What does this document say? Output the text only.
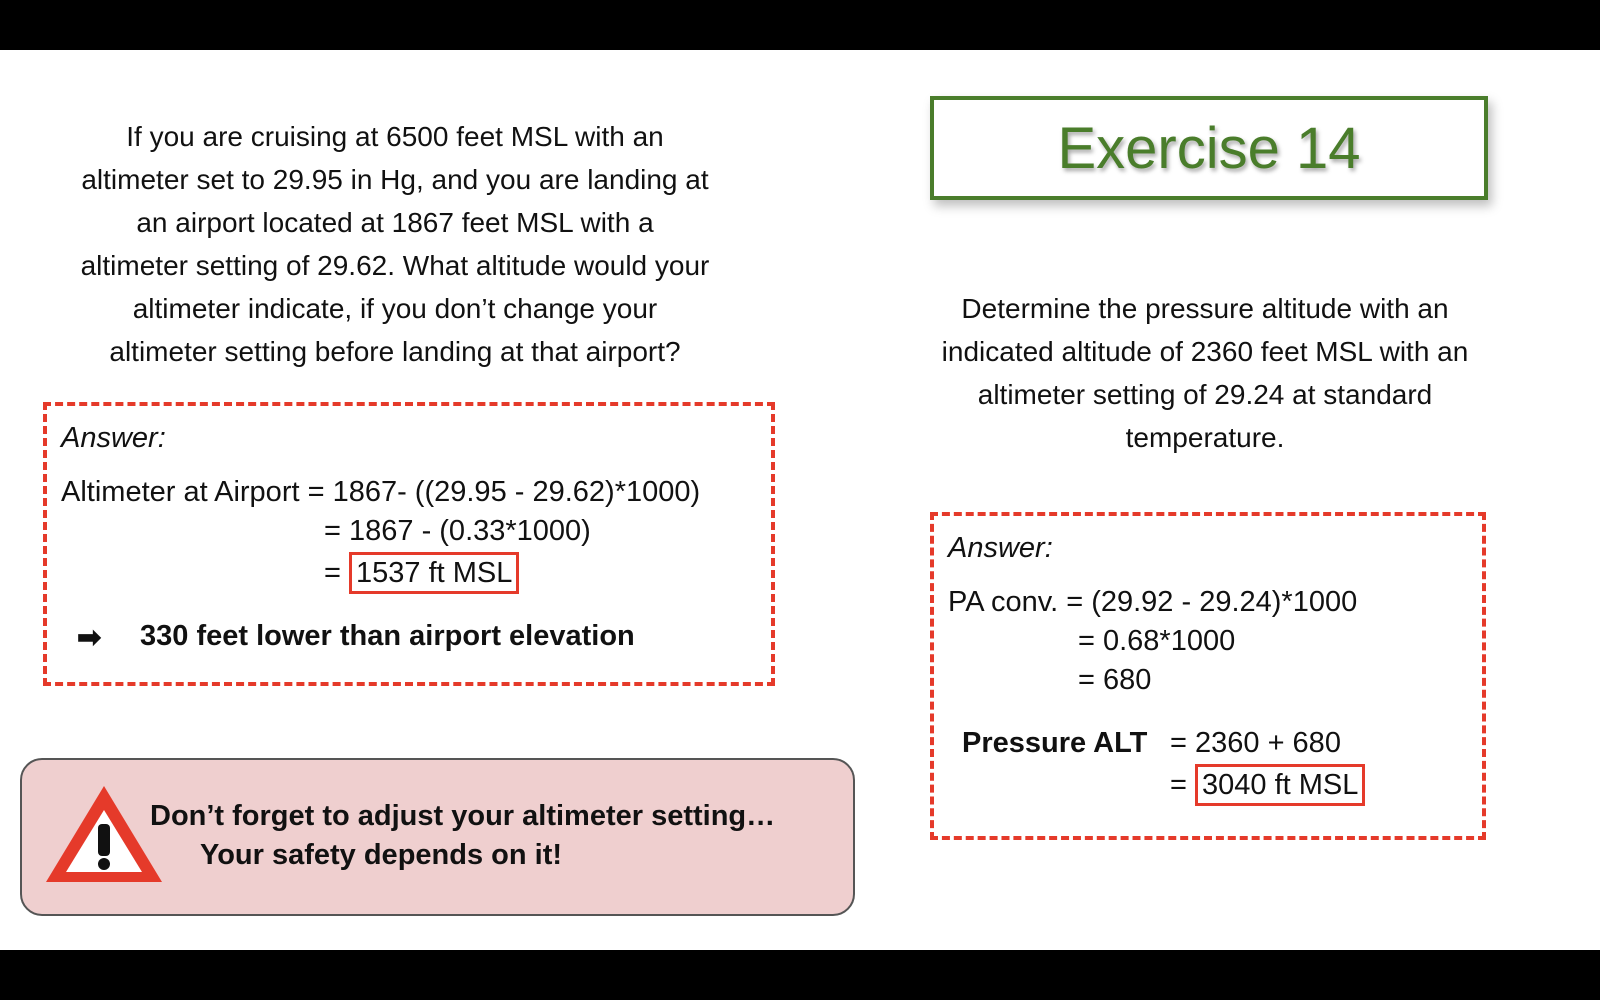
If you are cruising at 6500 feet MSL with an
altimeter set to 29.95 in Hg, and you are landing at
an airport located at 1867 feet MSL with a
altimeter setting of 29.62. What altitude would your
altimeter indicate, if you don’t change your
altimeter setting before landing at that airport?
Answer:
Altimeter at Airport = 1867- ((29.95 - 29.62)*1000)
= 1867 - (0.33*1000)
= 1537 ft MSL
➡ 330 feet lower than airport elevation
Exercise 14
Determine the pressure altitude with an
indicated altitude of 2360 feet MSL with an
altimeter setting of 29.24 at standard
temperature.
Answer:
PA conv. = (29.92 - 29.24)*1000
= 0.68*1000
= 680
Pressure ALT = 2360 + 680
= 3040 ft MSL
Don’t forget to adjust your altimeter setting…
Your safety depends on it!
